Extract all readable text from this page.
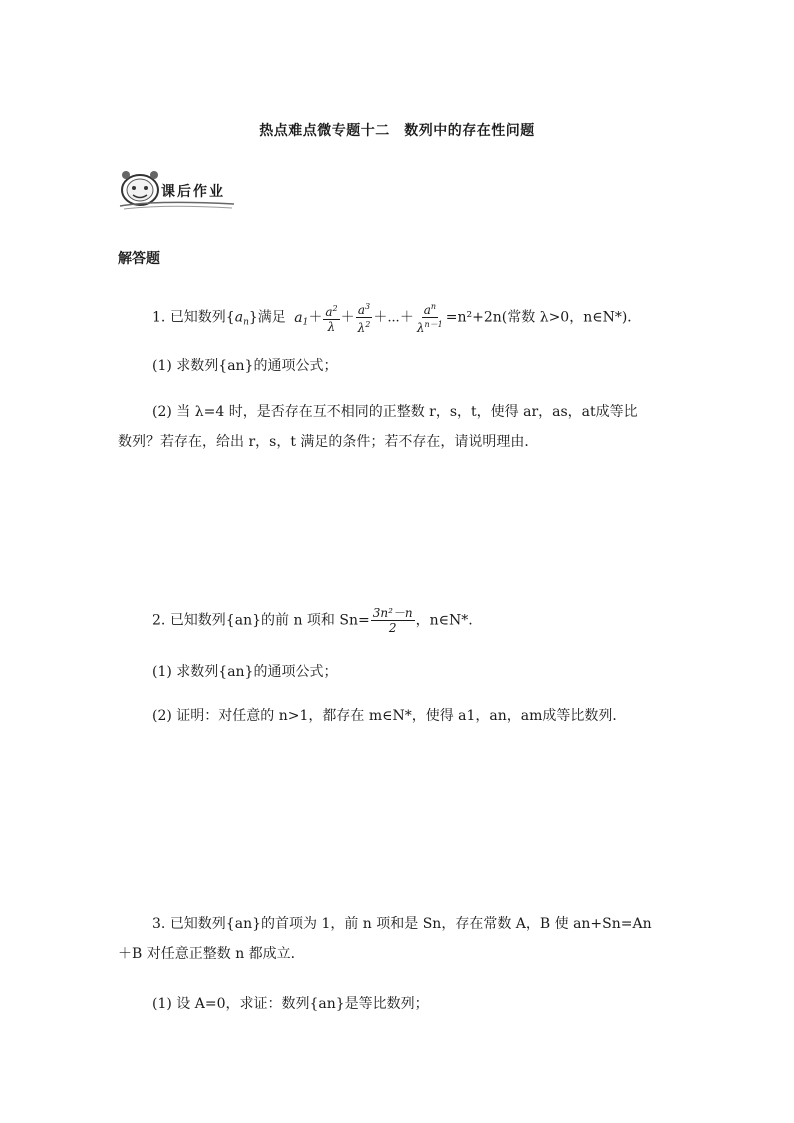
热点难点微专题十二　数列中的存在性问题
课后作业
解答题
1. 已知数列$\{a_n\}$满足 $a_1+ \frac{a^2}{\lambda} + \frac{a^3}{\lambda^2}$ ＋⋯＋ $\frac{a^n}{\lambda^{n-1}} =n^2+2n$(常数 λ>0，n∈N*)．
(1) 求数列{an}的通项公式；
(2) 当 λ=4 时，是否存在互不相同的正整数 r，s，t，使得 ar，as，at成等比
数列？若存在，给出 r，s，t 满足的条件；若不存在，请说明理由．
2. 已知数列{an}的前 n 项和 $Sn= \frac{\text{3n²－n}}{2}$ ，n∈N*.
(1) 求数列{an}的通项公式；
(2) 证明：对任意的 n>1，都存在 m∈N*，使得 a1，an，am成等比数列．
3. 已知数列{an}的首项为 1，前 n 项和是 Sn，存在常数 A，B 使 an+Sn=An
＋B 对任意正整数 n 都成立．
(1) 设 A=0，求证：数列{an}是等比数列；
